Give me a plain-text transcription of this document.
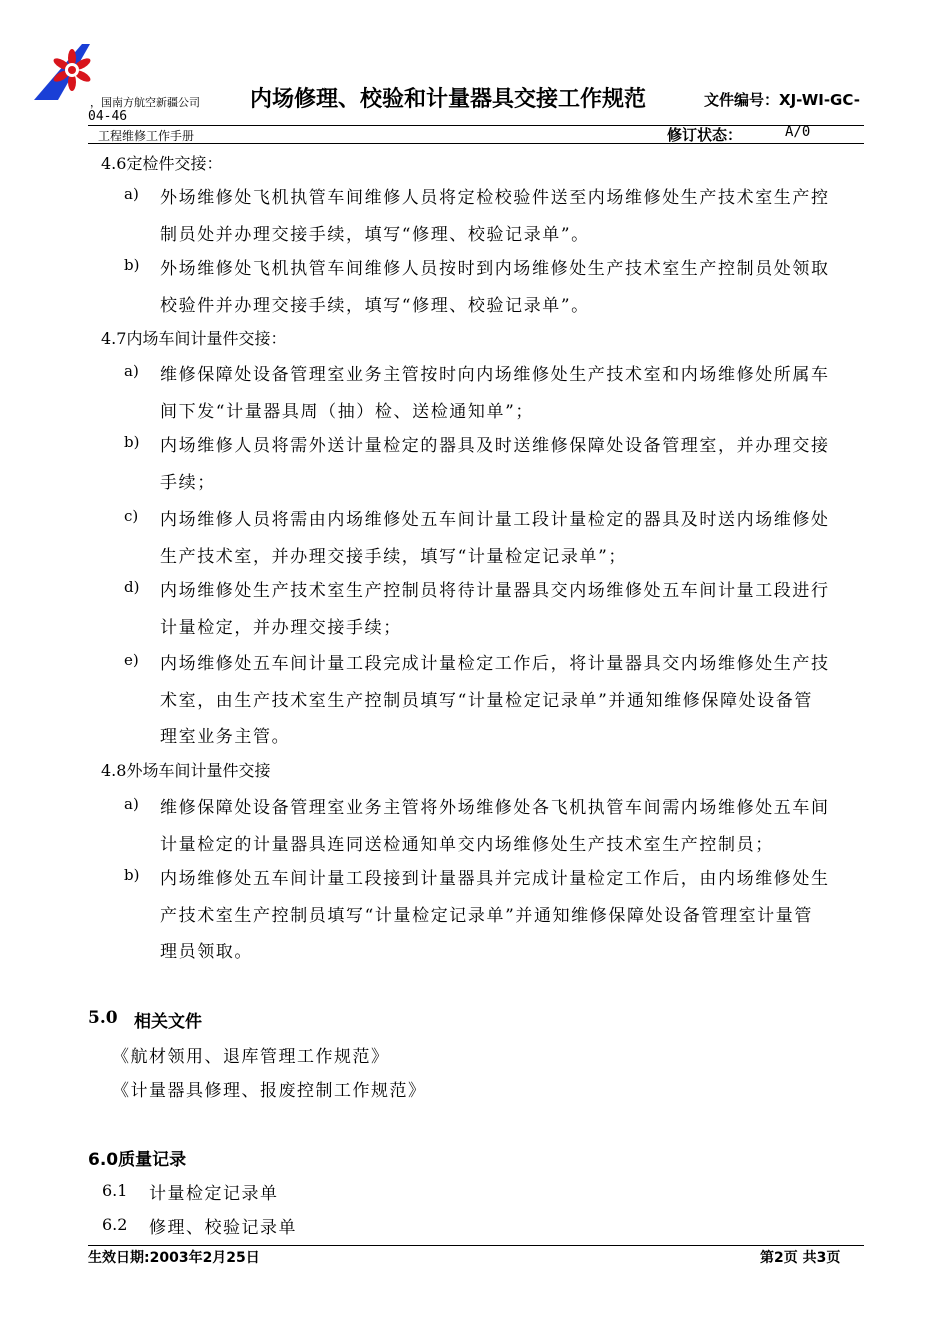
，国南方航空新疆公司 内场修理、校验和计量器具交接工作规范	文件编号：XJ-WI-GC-
04-46
工程维修工作手册	修订状态：	A/0
4.6定检件交接：
a) 外场维修处飞机执管车间维修人员将定检校验件送至内场维修处生产技术室生产控
制员处并办理交接手续，填写“修理、校验记录单”。
b) 外场维修处飞机执管车间维修人员按时到内场维修处生产技术室生产控制员处领取
校验件并办理交接手续，填写“修理、校验记录单”。
4.7内场车间计量件交接：
a) 维修保障处设备管理室业务主管按时向内场维修处生产技术室和内场维修处所属车
间下发“计量器具周（抽）检、送检通知单”；
b) 内场维修人员将需外送计量检定的器具及时送维修保障处设备管理室，并办理交接
手续；
c) 内场维修人员将需由内场维修处五车间计量工段计量检定的器具及时送内场维修处
生产技术室，并办理交接手续，填写“计量检定记录单”；
d) 内场维修处生产技术室生产控制员将待计量器具交内场维修处五车间计量工段进行
计量检定，并办理交接手续；
e) 内场维修处五车间计量工段完成计量检定工作后，将计量器具交内场维修处生产技
术室，由生产技术室生产控制员填写“计量检定记录单”并通知维修保障处设备管
理室业务主管。
4.8外场车间计量件交接
a) 维修保障处设备管理室业务主管将外场维修处各飞机执管车间需内场维修处五车间
计量检定的计量器具连同送检通知单交内场维修处生产技术室生产控制员；
b) 内场维修处五车间计量工段接到计量器具并完成计量检定工作后，由内场维修处生
产技术室生产控制员填写“计量检定记录单”并通知维修保障处设备管理室计量管
理员领取。
5.0 相关文件
《航材领用、退库管理工作规范》
《计量器具修理、报废控制工作规范》
6.0质量记录
6.1 计量检定记录单
6.2 修理、校验记录单
生效日期:2003年2月25日	第2页 共3页
